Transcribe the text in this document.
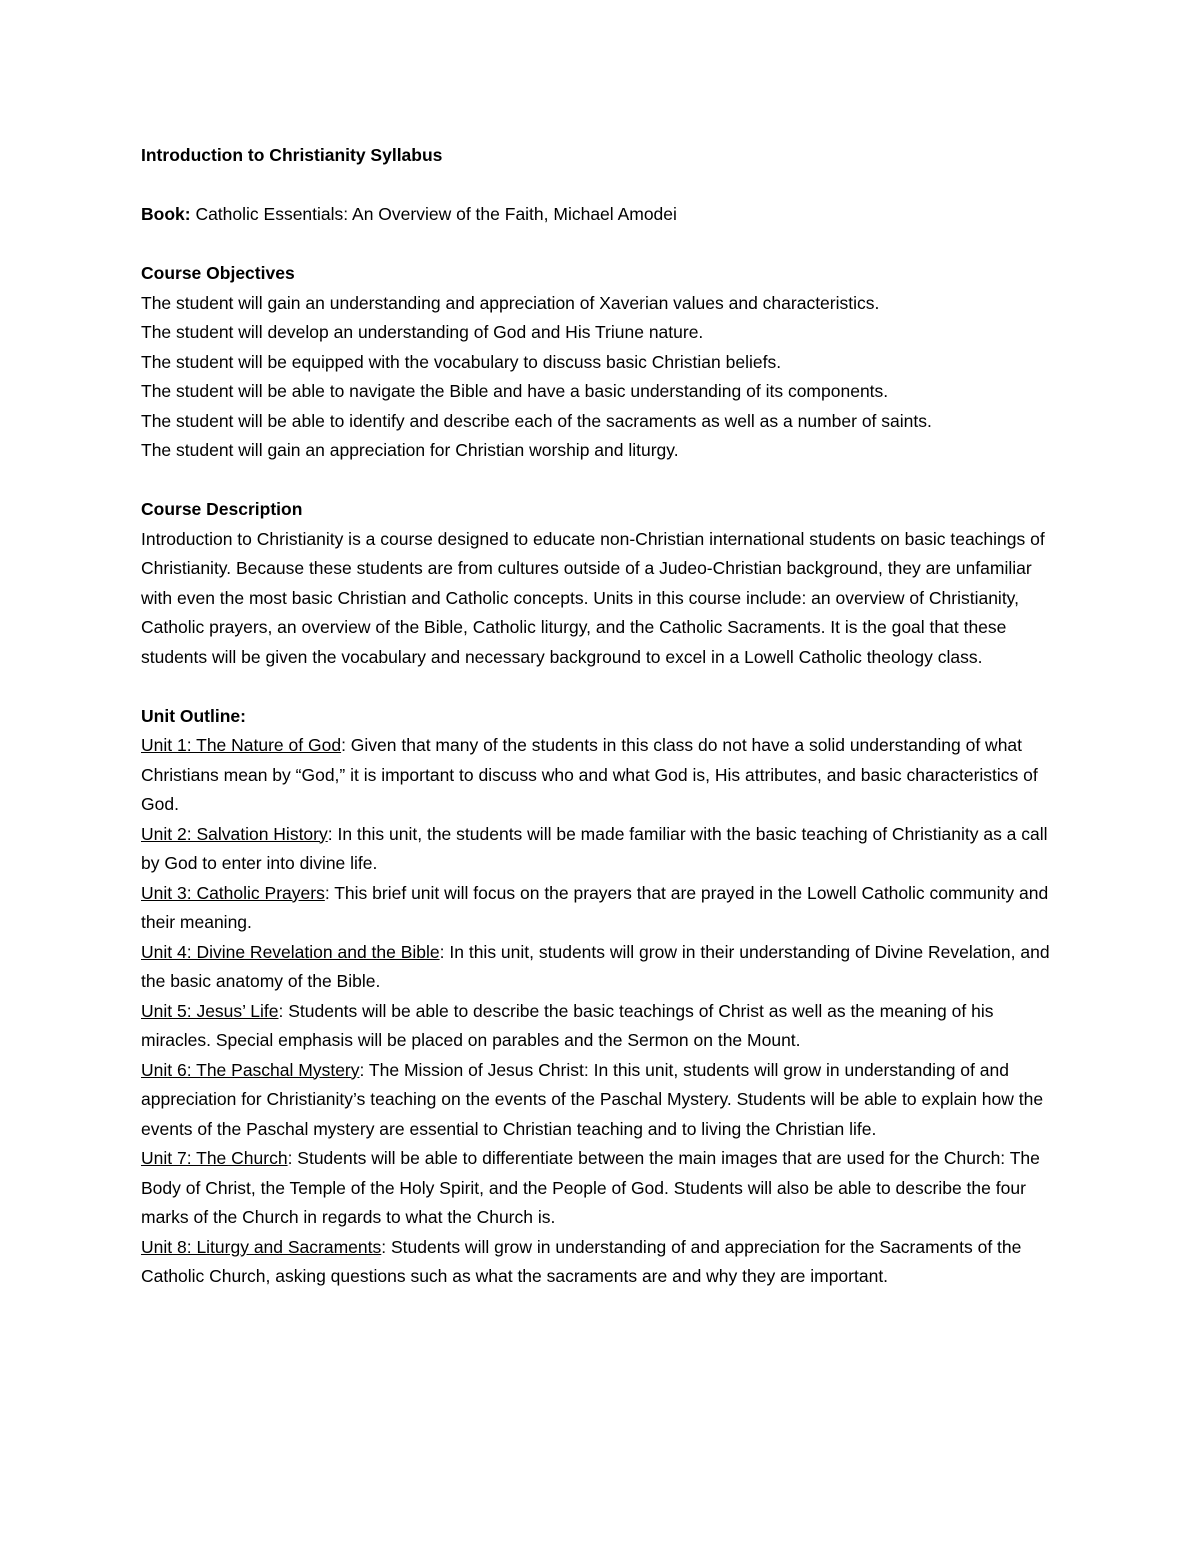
Introduction to Christianity Syllabus

Book: Catholic Essentials: An Overview of the Faith, Michael Amodei

Course Objectives

The student will gain an understanding and appreciation of Xaverian values and characteristics.

The student will develop an understanding of God and His Triune nature.

The student will be equipped with the vocabulary to discuss basic Christian beliefs.

The student will be able to navigate the Bible and have a basic understanding of its components.

The student will be able to identify and describe each of the sacraments as well as a number of saints.

The student will gain an appreciation for Christian worship and liturgy.

Course Description

Introduction to Christianity is a course designed to educate non-Christian international students on basic teachings of Christianity. Because these students are from cultures outside of a Judeo-Christian background, they are unfamiliar with even the most basic Christian and Catholic concepts. Units in this course include: an overview of Christianity, Catholic prayers, an overview of the Bible, Catholic liturgy, and the Catholic Sacraments. It is the goal that these students will be given the vocabulary and necessary background to excel in a Lowell Catholic theology class.

Unit Outline:

Unit 1: The Nature of God: Given that many of the students in this class do not have a solid understanding of what Christians mean by “God,” it is important to discuss who and what God is, His attributes, and basic characteristics of God.

Unit 2: Salvation History: In this unit, the students will be made familiar with the basic teaching of Christianity as a call by God to enter into divine life.

Unit 3: Catholic Prayers: This brief unit will focus on the prayers that are prayed in the Lowell Catholic community and their meaning.

Unit 4: Divine Revelation and the Bible: In this unit, students will grow in their understanding of Divine Revelation, and the basic anatomy of the Bible.

Unit 5: Jesus’ Life: Students will be able to describe the basic teachings of Christ as well as the meaning of his miracles. Special emphasis will be placed on parables and the Sermon on the Mount.

Unit 6: The Paschal Mystery: The Mission of Jesus Christ: In this unit, students will grow in understanding of and appreciation for Christianity’s teaching on the events of the Paschal Mystery. Students will be able to explain how the events of the Paschal mystery are essential to Christian teaching and to living the Christian life.

Unit 7: The Church: Students will be able to differentiate between the main images that are used for the Church: The Body of Christ, the Temple of the Holy Spirit, and the People of God. Students will also be able to describe the four marks of the Church in regards to what the Church is.

Unit 8: Liturgy and Sacraments: Students will grow in understanding of and appreciation for the Sacraments of the Catholic Church, asking questions such as what the sacraments are and why they are important.
